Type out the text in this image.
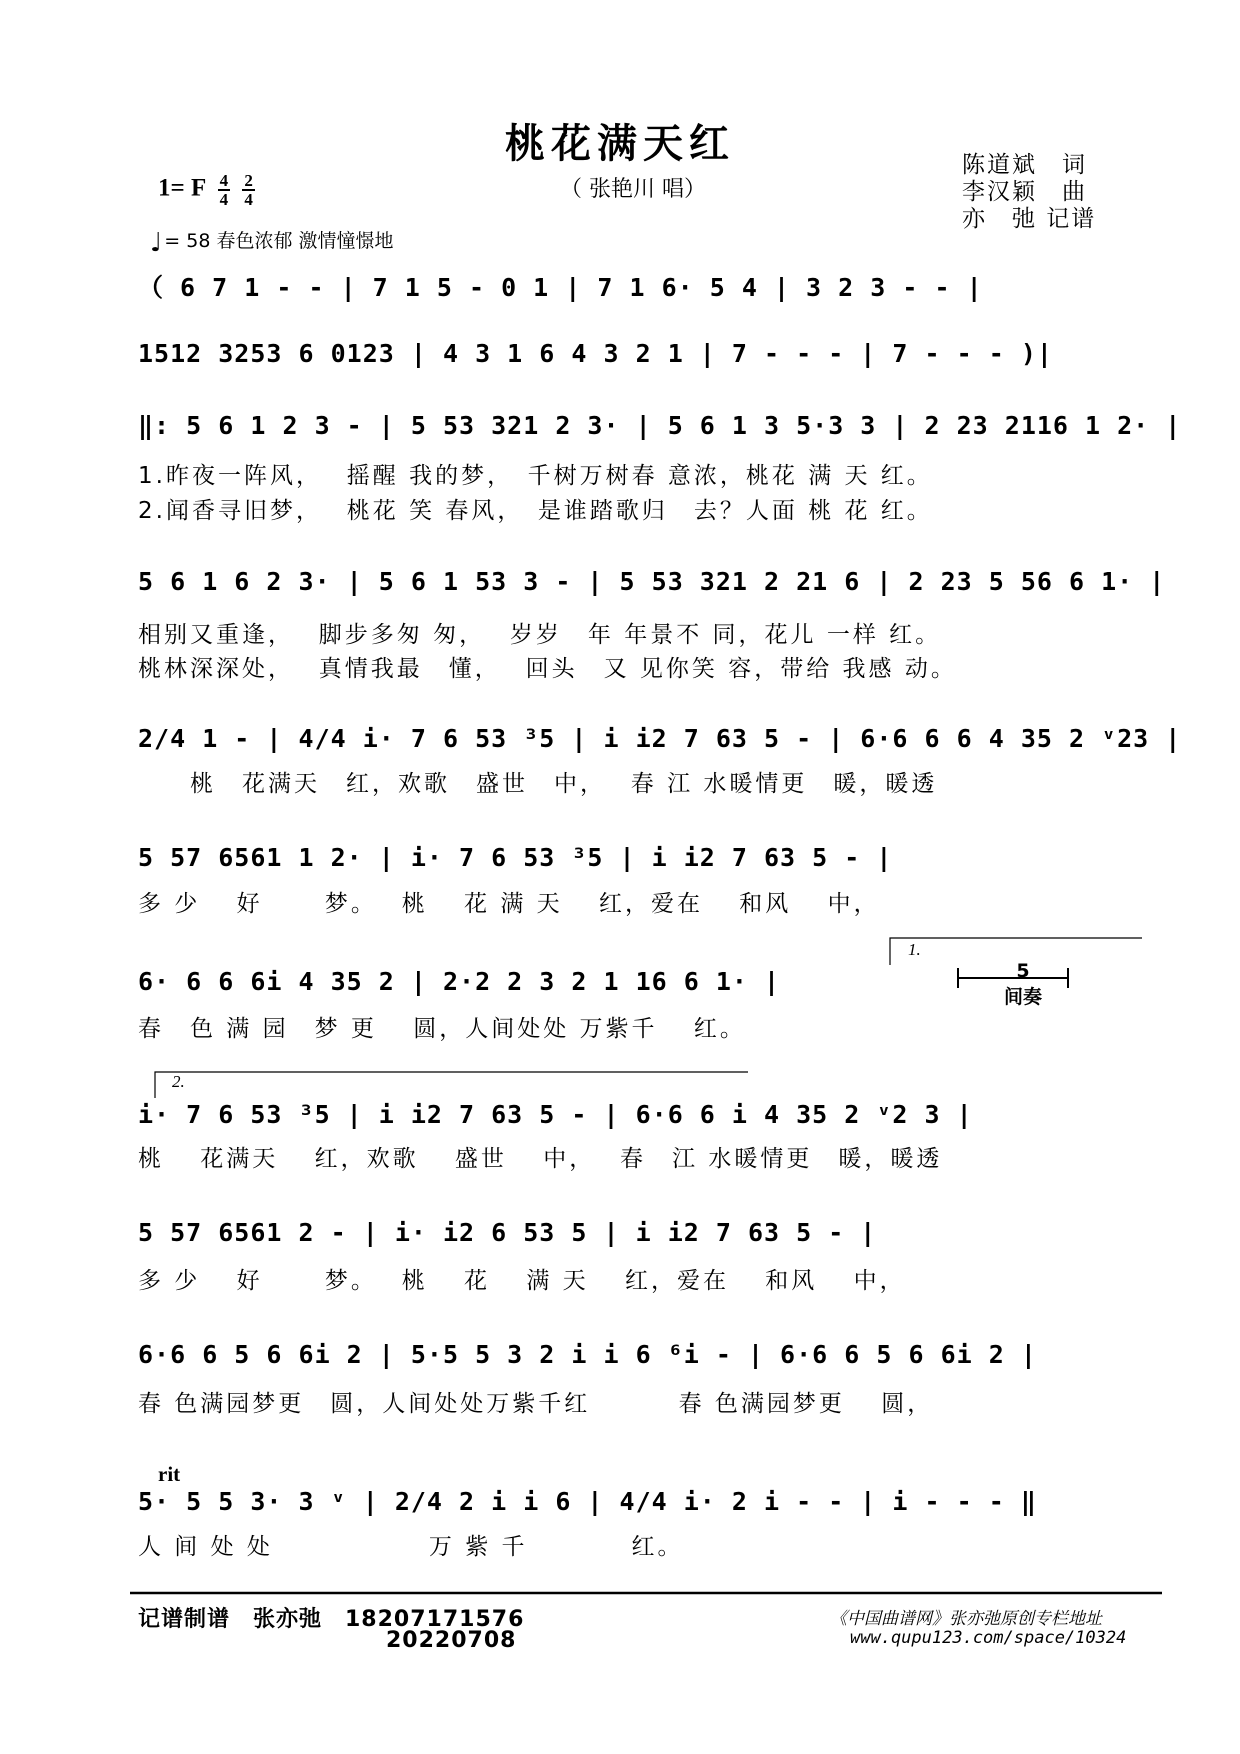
桃花满天红
（ 张艳川 唱）
陈道斌　词
李汉颖　曲
亦　弛 记谱
1= F $\frac{4}{4}$
$\frac{2}{4}$
♩ = 58 春色浓郁 激情憧憬地
（ 6 7 1 - - | 7 1 5 - 0 1 | 7 1 6· 5 4 | 3 2 3 - - |
1512 3253 6 0123 | 4 3 1 6 4 3 2 1 | 7 - - - | 7 - - - )|
‖: 5 6 1 2 3 - | 5 53 321 2 3· | 5 6 1 3 5·3 3 | 2 23 2116 1 2· |
1.昨夜一阵风，　 摇醒 我的梦，　千树万树春 意浓，桃花 满 天 红。
2.闻香寻旧梦，　 桃花 笑 春风，　是谁踏歌归　去？人面 桃 花 红。
5 6 1 6 2 3· | 5 6 1 53 3 - | 5 53 321 2 21 6 | 2 23 5 56 6 1· |
相别又重逢，　 脚步多匆 匆，　 岁岁　年 年景不 同，花儿 一样 红。
桃林深深处，　 真情我最　懂，　 回头　又 见你笑 容，带给 我感 动。
2/4 1 - | 4/4 i· 7 6 53 ³5 | i i2 7 63 5 - | 6·6 6 6 4 35 2 ᵛ23 |
　　桃　花满天　红，欢歌　盛世　中，　 春 江 水暖情更　暖，暖透
5 57 6561 1 2· | i· 7 6 53 ³5 | i i2 7 63 5 - |
多 少　 好　　 梦。　 桃　 花 满 天　 红，爱在　 和风　 中，
6· 6 6 6i 4 35 2 | 2·2 2 3 2 1 16 6 1· |
春　色 满 园　梦 更　 圆，人间处处 万紫千　 红。
1.
5
间奏
2.
i· 7 6 53 ³5 | i i2 7 63 5 - | 6·6 6 i 4 35 2 ᵛ2 3 |
桃　 花满天　 红，欢歌　 盛世　 中，　 春　江 水暖情更　暖，暖透
5 57 6561 2 - | i· i2 6 53 5 | i i2 7 63 5 - |
多 少　 好　　 梦。　 桃　 花　 满 天　 红，爱在　 和风　 中，
6·6 6 5 6 6i 2 | 5·5 5 3 2 i i 6 ⁶i - | 6·6 6 5 6 6i 2 |
春 色满园梦更　圆，人间处处万紫千红　　　 春 色满园梦更　 圆，
rit
5· 5 5 3· 3 ᵛ | 2/4 2 i i 6 | 4/4 i· 2 i - - | i - - - ‖
人 间 处 处　　　　　　万 紫 千　　　　红。
记谱制谱　张亦弛　18207171576
20220708
《中国曲谱网》张亦弛原创专栏地址
www.qupu123.com/space/10324
